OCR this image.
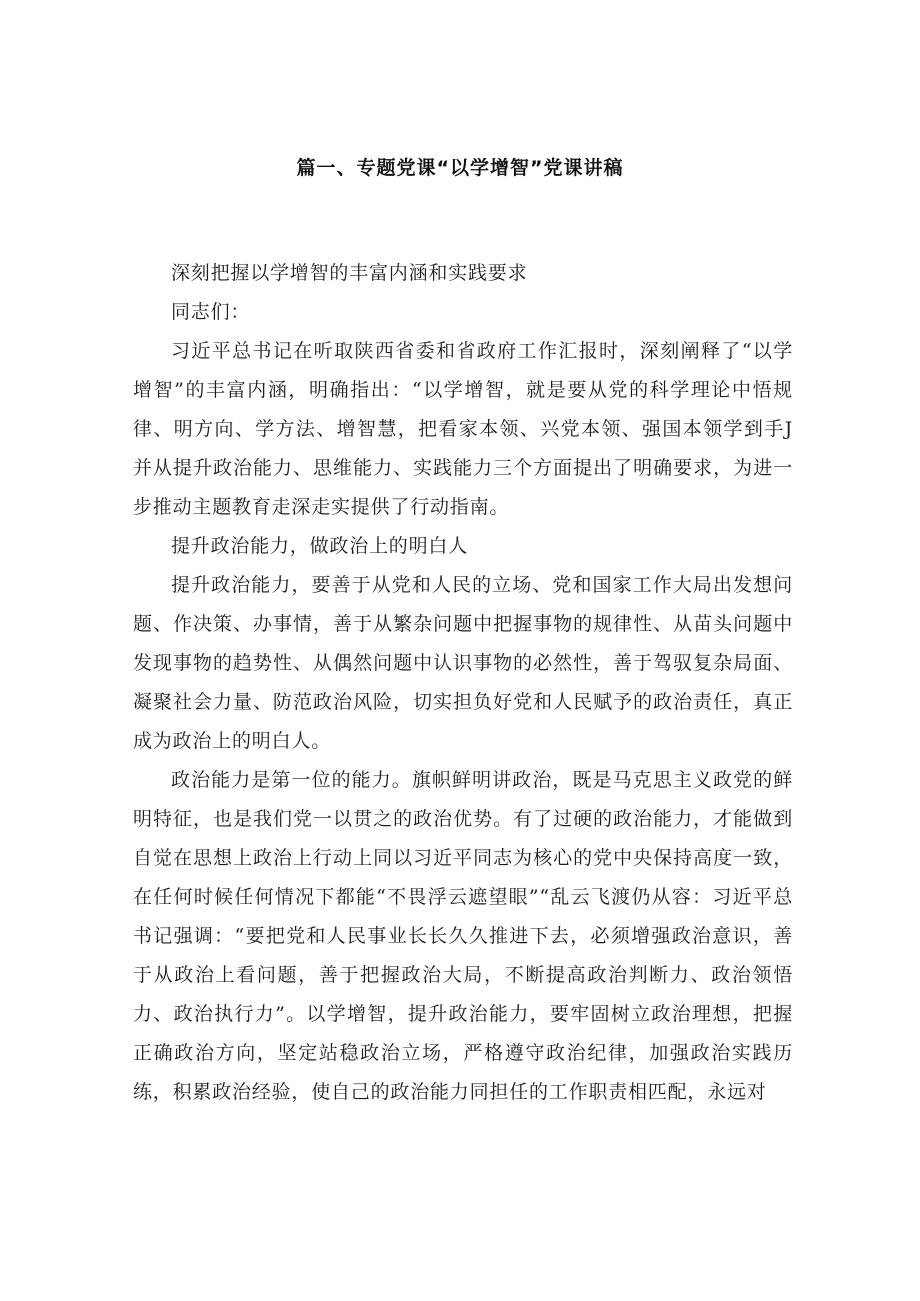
篇一、专题党课“以学增智”党课讲稿

深刻把握以学增智的丰富内涵和实践要求

同志们：

习近平总书记在听取陕西省委和省政府工作汇报时，深刻阐释了“以学增智”的丰富内涵，明确指出：“以学增智，就是要从党的科学理论中悟规律、明方向、学方法、增智慧，把看家本领、兴党本领、强国本领学到手J并从提升政治能力、思维能力、实践能力三个方面提出了明确要求，为进一步推动主题教育走深走实提供了行动指南。

提升政治能力，做政治上的明白人

提升政治能力，要善于从党和人民的立场、党和国家工作大局出发想问题、作决策、办事情，善于从繁杂问题中把握事物的规律性、从苗头问题中发现事物的趋势性、从偶然问题中认识事物的必然性，善于驾驭复杂局面、凝聚社会力量、防范政治风险，切实担负好党和人民赋予的政治责任，真正成为政治上的明白人。

政治能力是第一位的能力。旗帜鲜明讲政治，既是马克思主义政党的鲜明特征，也是我们党一以贯之的政治优势。有了过硬的政治能力，才能做到自觉在思想上政治上行动上同以习近平同志为核心的党中央保持高度一致，在任何时候任何情况下都能“不畏浮云遮望眼”“乱云飞渡仍从容：习近平总书记强调：“要把党和人民事业长长久久推进下去，必须增强政治意识，善于从政治上看问题，善于把握政治大局，不断提高政治判断力、政治领悟力、政治执行力”。以学增智，提升政治能力，要牢固树立政治理想，把握正确政治方向，坚定站稳政治立场，严格遵守政治纪律，加强政治实践历练，积累政治经验，使自己的政治能力同担任的工作职责相匹配，永远对
